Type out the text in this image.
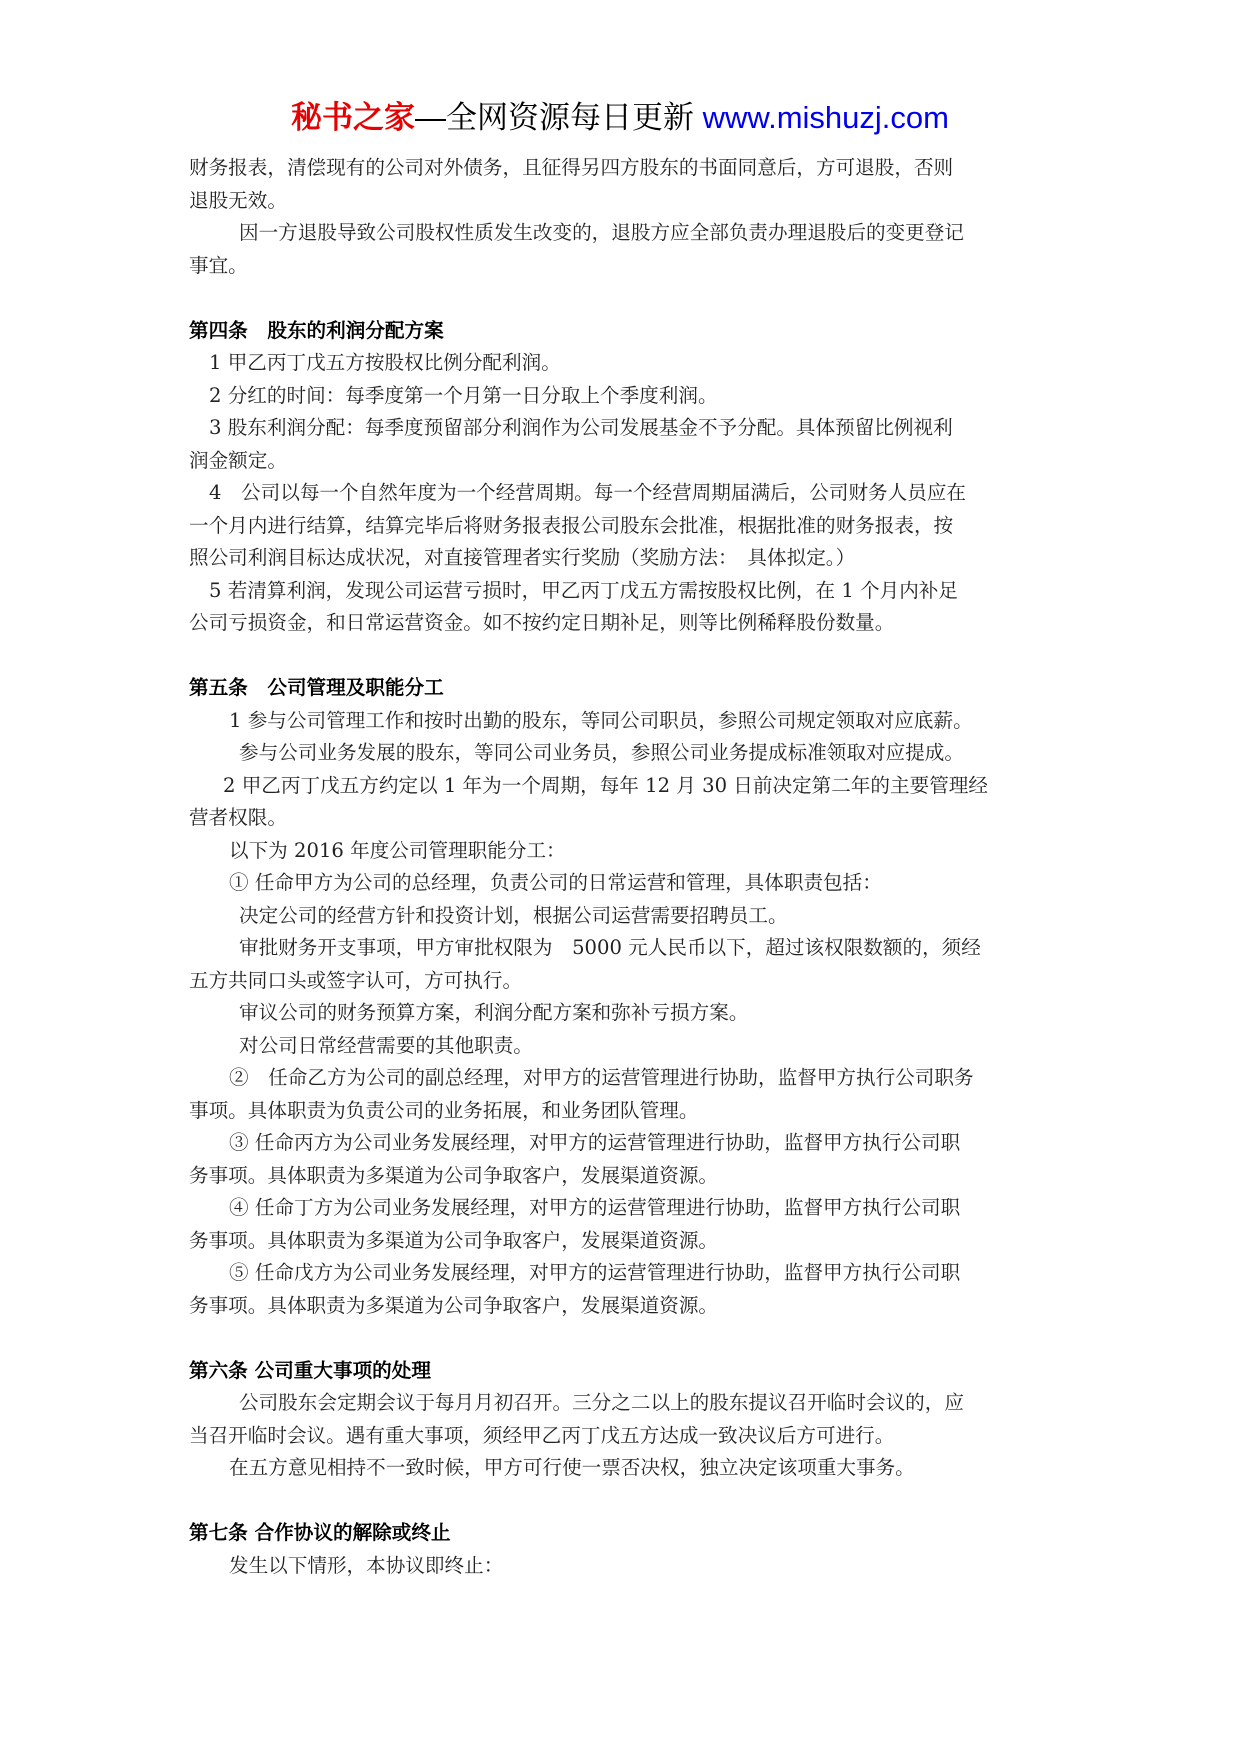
秘书之家—全网资源每日更新 www.mishuzj.com
财务报表，清偿现有的公司对外债务，且征得另四方股东的书面同意后，方可退股，否则
退股无效。
因一方退股导致公司股权性质发生改变的，退股方应全部负责办理退股后的变更登记
事宜。
第四条　股东的利润分配方案
1 甲乙丙丁戊五方按股权比例分配利润。
2 分红的时间：每季度第一个月第一日分取上个季度利润。
3 股东利润分配：每季度预留部分利润作为公司发展基金不予分配。具体预留比例视利
润金额定。
4　公司以每一个自然年度为一个经营周期。每一个经营周期届满后，公司财务人员应在
一个月内进行结算，结算完毕后将财务报表报公司股东会批准，根据批准的财务报表，按
照公司利润目标达成状况，对直接管理者实行奖励（奖励方法：　具体拟定。）
5 若清算利润，发现公司运营亏损时，甲乙丙丁戊五方需按股权比例，在 1 个月内补足
公司亏损资金，和日常运营资金。如不按约定日期补足，则等比例稀释股份数量。
第五条　公司管理及职能分工
1 参与公司管理工作和按时出勤的股东，等同公司职员，参照公司规定领取对应底薪。
参与公司业务发展的股东，等同公司业务员，参照公司业务提成标准领取对应提成。
2 甲乙丙丁戊五方约定以 1 年为一个周期，每年 12 月 30 日前决定第二年的主要管理经
营者权限。
以下为 2016 年度公司管理职能分工：
① 任命甲方为公司的总经理，负责公司的日常运营和管理，具体职责包括：
决定公司的经营方针和投资计划，根据公司运营需要招聘员工。
审批财务开支事项，甲方审批权限为　5000 元人民币以下，超过该权限数额的，须经
五方共同口头或签字认可，方可执行。
审议公司的财务预算方案，利润分配方案和弥补亏损方案。
对公司日常经营需要的其他职责。
②　任命乙方为公司的副总经理，对甲方的运营管理进行协助，监督甲方执行公司职务
事项。具体职责为负责公司的业务拓展，和业务团队管理。
③ 任命丙方为公司业务发展经理，对甲方的运营管理进行协助，监督甲方执行公司职
务事项。具体职责为多渠道为公司争取客户，发展渠道资源。
④ 任命丁方为公司业务发展经理，对甲方的运营管理进行协助，监督甲方执行公司职
务事项。具体职责为多渠道为公司争取客户，发展渠道资源。
⑤ 任命戊方为公司业务发展经理，对甲方的运营管理进行协助，监督甲方执行公司职
务事项。具体职责为多渠道为公司争取客户，发展渠道资源。
第六条 公司重大事项的处理
公司股东会定期会议于每月月初召开。三分之二以上的股东提议召开临时会议的，应
当召开临时会议。遇有重大事项，须经甲乙丙丁戊五方达成一致决议后方可进行。
在五方意见相持不一致时候，甲方可行使一票否决权，独立决定该项重大事务。
第七条 合作协议的解除或终止
发生以下情形，本协议即终止：
